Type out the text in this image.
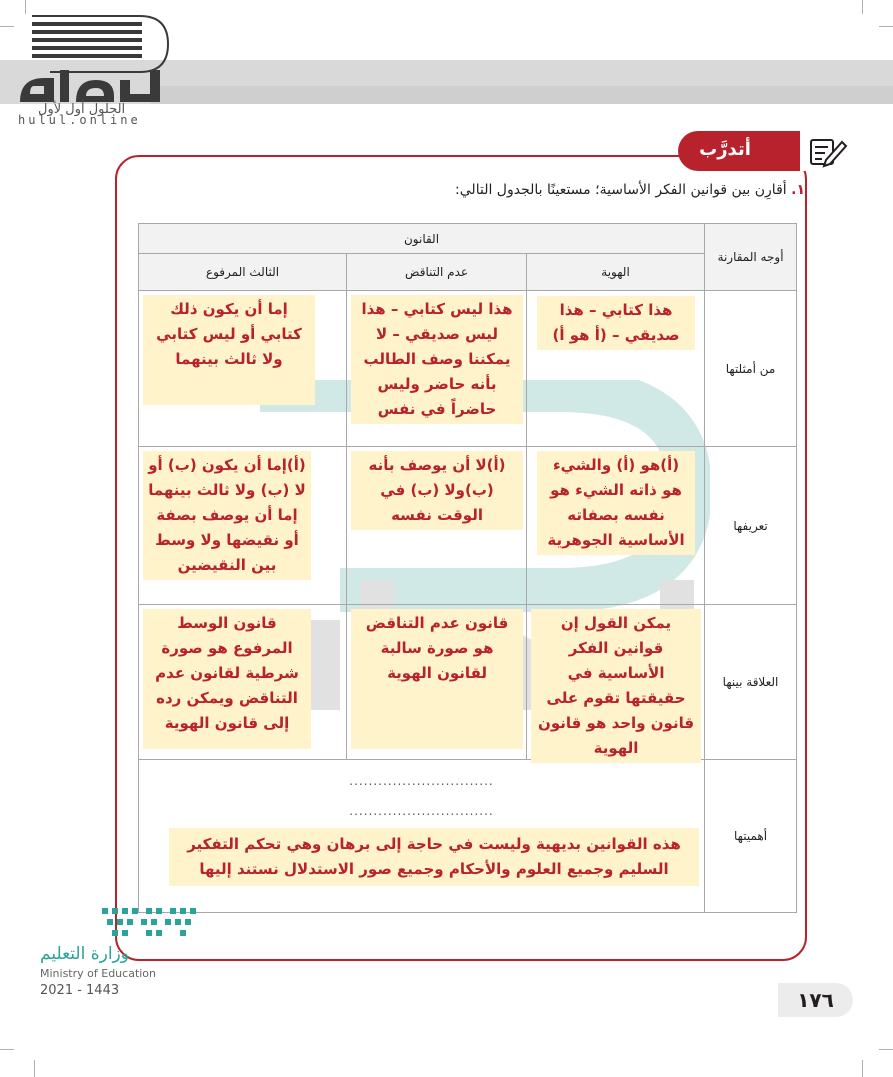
الحلول أول لأول
hulul.online
أتدرَّب
١. أقارِن بين قوانين الفكر الأساسية؛ مستعينًا بالجدول التالي:
أوجه المقارنة	القانون		
	الهوية	عدم التناقض	الثالث المرفوع
من أمثلتها	هذا كتابي – هذا صديقي – (أ هو أ)	هذا ليس كتابي – هذا ليس صديقي – لا يمكننا وصف الطالب بأنه حاضر وليس حاضراً في نفس	إما أن يكون ذلك كتابي أو ليس كتابي ولا ثالث بينهما

تعريفها	(أ)هو (أ) والشيء هو ذاته الشيء هو نفسه بصفاته الأساسية الجوهرية	(أ)لا أن يوصف بأنه (ب)ولا (ب) في الوقت نفسه	(أ)إما أن يكون (ب) أو لا (ب) ولا ثالث بينهما إما أن يوصف بصفة أو نقيضها ولا وسط بين النقيضين

العلاقة بينها	يمكن القول إن قوانين الفكر الأساسية في حقيقتها تقوم على قانون واحد هو قانون الهوية	قانون عدم التناقض هو صورة سالبة لقانون الهوية	قانون الوسط المرفوع هو صورة شرطية لقانون عدم التناقض ويمكن رده إلى قانون الهوية

أهميتها	..............................
..............................
هذه القوانين بديهية وليست في حاجة إلى برهان وهي تحكم التفكير السليم وجميع العلوم والأحكام وجميع صور الاستدلال نستند إليها		
وزارة التعليم
Ministry of Education
2021 - 1443	١٧٦
